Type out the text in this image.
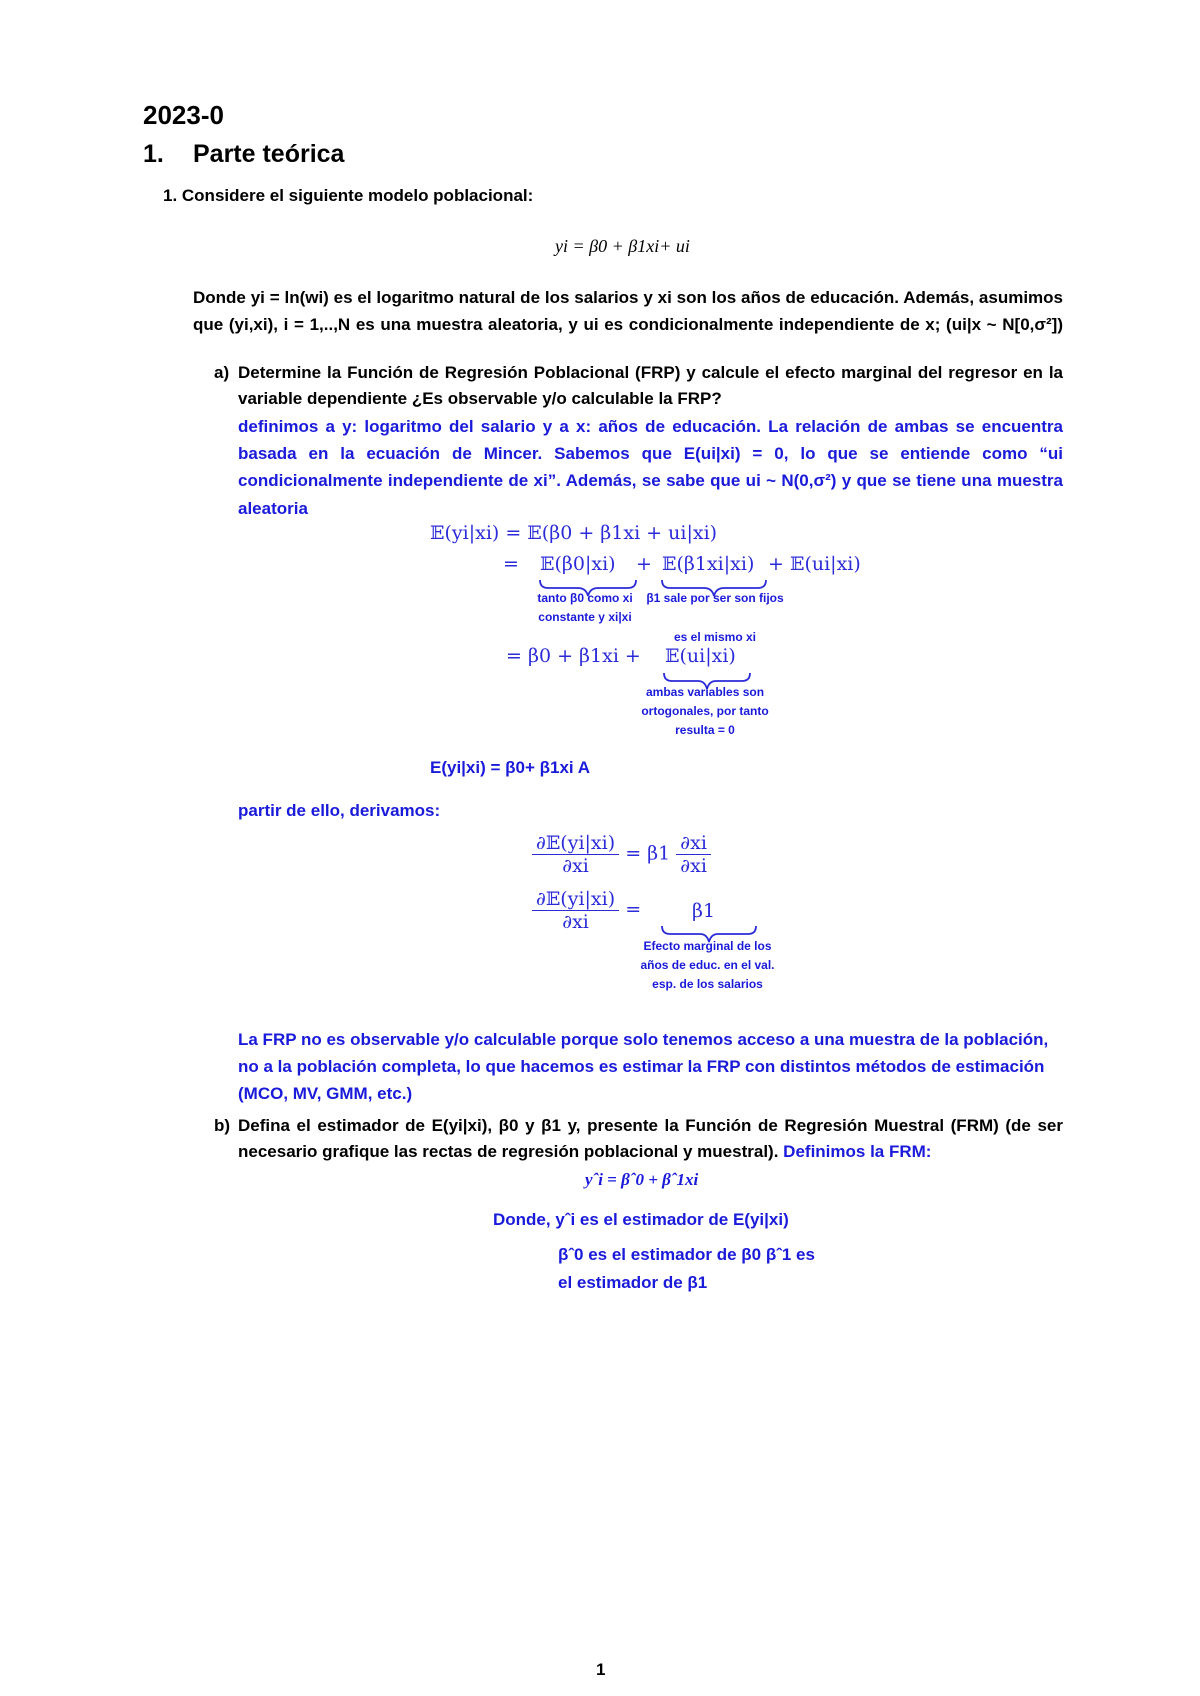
2023-0
1. Parte teórica
1. Considere el siguiente modelo poblacional:
yi = β0 + β1xi+ ui
Donde yi = ln(wi) es el logaritmo natural de los salarios y xi son los años de educación. Además, asumimos
que (yi,xi), i = 1,..,N es una muestra aleatoria, y ui es condicionalmente independiente de x; (ui|x ~ N[0,σ²])
a) Determine la Función de Regresión Poblacional (FRP) y calcule el efecto marginal del regresor en la
variable dependiente ¿Es observable y/o calculable la FRP?
definimos a y: logaritmo del salario y a x: años de educación. La relación de ambas se encuentra
basada en la ecuación de Mincer. Sabemos que E(ui|xi) = 0, lo que se entiende como “ui
condicionalmente independiente de xi”. Además, se sabe que ui ~ N(0,σ²) y que se tiene una muestra
aleatoria
𝔼(yi|xi) = 𝔼(β0 + β1xi + ui|xi)
= 𝔼(β0|xi) + 𝔼(β1xi|xi) + 𝔼(ui|xi)
tanto β0 como xi constante y xi|xi
β1 sale por ser son fijos
es el mismo xi
= β0 + β1xi + 𝔼(ui|xi)
ambas variables son ortogonales, por tanto resulta = 0
E(yi|xi) = β0+ β1xi A
partir de ello, derivamos:
$\frac{\text{∂𝔼(yi|xi)}}{\partial xi} = \beta 1 \frac{\partial xi}{\partial xi}$
$\frac{\text{∂𝔼(yi|xi)}}{\partial xi}$ =	β1
Efecto marginal de los años de educ. en el val. esp. de los salarios
La FRP no es observable y/o calculable porque solo tenemos acceso a una muestra de la población,
no a la población completa, lo que hacemos es estimar la FRP con distintos métodos de estimación
(MCO, MV, GMM, etc.)
b) Defina el estimador de E(yi|xi), β0 y β1 y, presente la Función de Regresión Muestral (FRM) (de ser
necesario grafique las rectas de regresión poblacional y muestral). Definimos la FRM:
yˆi = βˆ0 + βˆ1xi
Donde, yˆi es el estimador de E(yi|xi)
βˆ0 es el estimador de β0 βˆ1 es
el estimador de β1
1
